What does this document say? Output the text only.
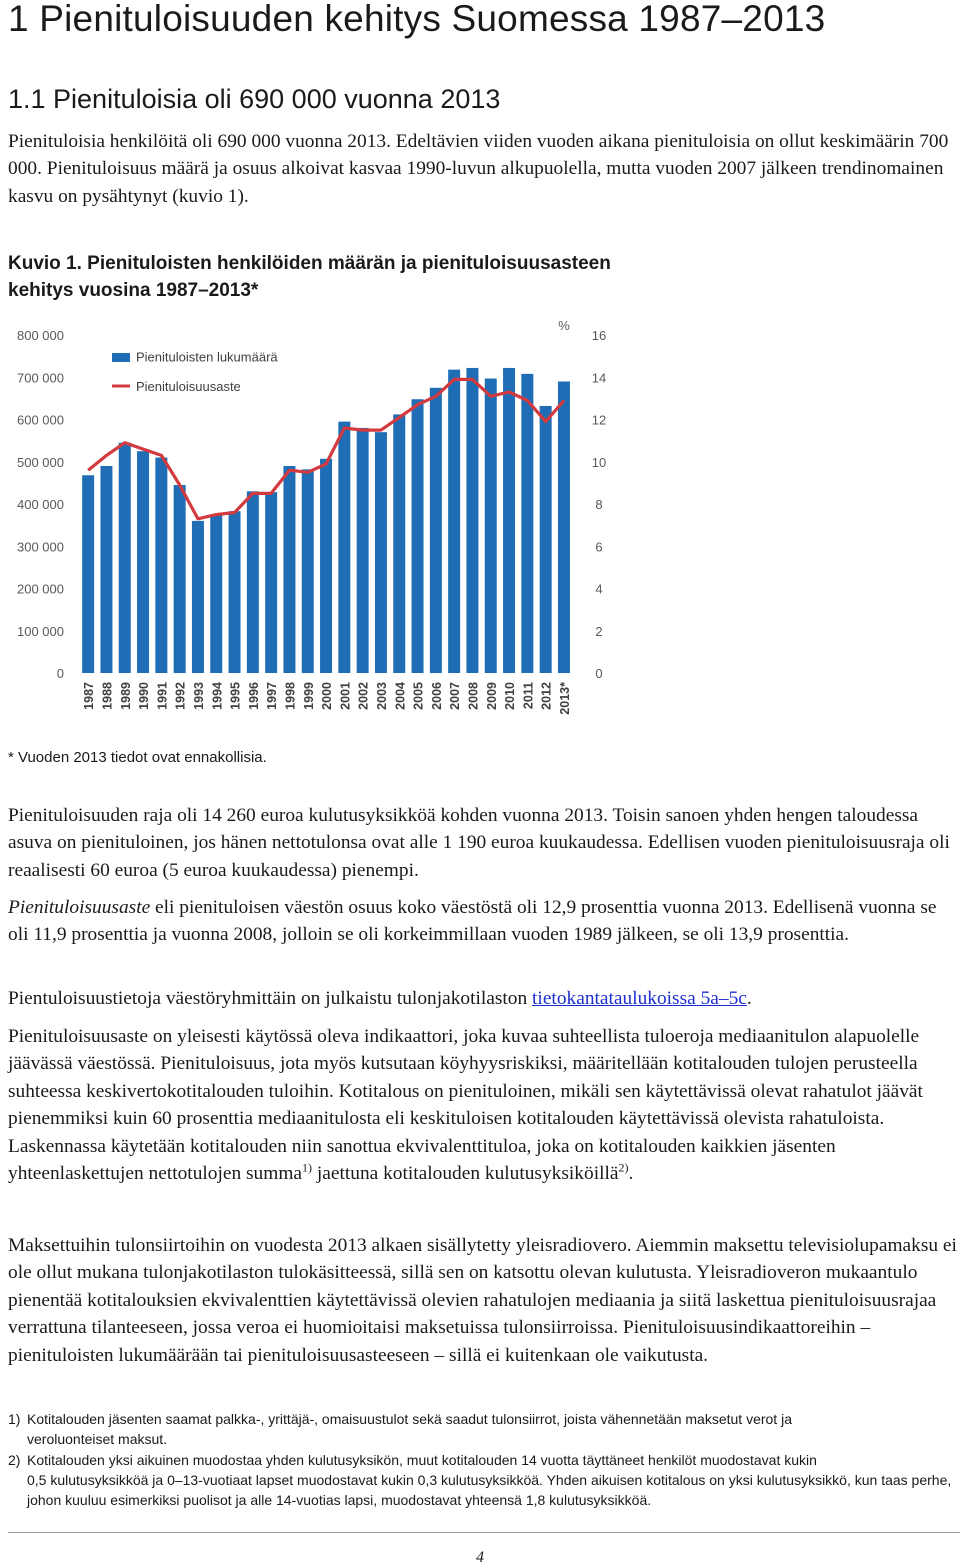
1 Pienituloisuuden kehitys Suomessa 1987–2013
1.1 Pienituloisia oli 690 000 vuonna 2013

Pienituloisia henkilöitä oli 690 000 vuonna 2013. Edeltävien viiden vuoden aikana pienituloisia on ollut keskimäärin 700 000. Pienituloisuus määrä ja osuus alkoivat kasvaa 1990-luvun alkupuolella, mutta vuoden 2007 jälkeen trendinomainen kasvu on pysähtynyt (kuvio 1).

Kuvio 1. Pienituloisten henkilöiden määrän ja pienituloisuusasteen
kehitys vuosina 1987–2013*
0
100 000
200 000
300 000
400 000
500 000
600 000
700 000
800 000
0
2
4
6
8
10
12
14
16
%
1987 1988 1989 1990 1991 1992 1993 1994 1995 1996 1997 1998 1999 2000 2001 2002 2003 2004 2005 2006 2007 2008 2009 2010 2011 2012 2013*
Pienituloisten lukumäärä
Pienituloisuusaste
* Vuoden 2013 tiedot ovat ennakollisia.

Pienituloisuuden raja oli 14 260 euroa kulutusyksikköä kohden vuonna 2013. Toisin sanoen yhden hengen taloudessa asuva on pienituloinen, jos hänen nettotulonsa ovat alle 1 190 euroa kuukaudessa. Edellisen vuoden pienituloisuusraja oli reaalisesti 60 euroa (5 euroa kuukaudessa) pienempi.

Pienituloisuusaste eli pienituloisen väestön osuus koko väestöstä oli 12,9 prosenttia vuonna 2013. Edellisenä vuonna se oli 11,9 prosenttia ja vuonna 2008, jolloin se oli korkeimmillaan vuoden 1989 jälkeen, se oli 13,9 prosenttia.

Pientuloisuustietoja väestöryhmittäin on julkaistu tulonjakotilaston tietokantataulukoissa 5a–5c.

Pienituloisuusaste on yleisesti käytössä oleva indikaattori, joka kuvaa suhteellista tuloeroja mediaanitulon alapuolelle jäävässä väestössä. Pienituloisuus, jota myös kutsutaan köyhyysriskiksi, määritellään kotitalouden tulojen perusteella suhteessa keskivertokotitalouden tuloihin. Kotitalous on pienituloinen, mikäli sen käytettävissä olevat rahatulot jäävät pienemmiksi kuin 60 prosenttia mediaanitulosta eli keskituloisen kotitalouden käytettävissä olevista rahatuloista. Laskennassa käytetään kotitalouden niin sanottua ekvivalenttituloa, joka on kotitalouden kaikkien jäsenten yhteenlaskettujen nettotulojen summa$^{1)}$ jaettuna kotitalouden kulutusyksiköillä$^{2)}$.

Maksettuihin tulonsiirtoihin on vuodesta 2013 alkaen sisällytetty yleisradiovero. Aiemmin maksettu televisiolupamaksu ei ole ollut mukana tulonjakotilaston tulokäsitteessä, sillä sen on katsottu olevan kulutusta. Yleisradioveron mukaantulo pienentää kotitalouksien ekvivalenttien käytettävissä olevien rahatulojen mediaania ja siitä laskettua pienituloisuusrajaa verrattuna tilanteeseen, jossa veroa ei huomioitaisi maksetuissa tulonsiirroissa. Pienituloisuusindikaattoreihin – pienituloisten lukumäärään tai pienituloisuusasteeseen – sillä ei kuitenkaan ole vaikutusta.

1) Kotitalouden jäsenten saamat palkka-, yrittäjä-, omaisuustulot sekä saadut tulonsiirrot, joista vähennetään maksetut verot ja
veroluonteiset maksut.
2) Kotitalouden yksi aikuinen muodostaa yhden kulutusyksikön, muut kotitalouden 14 vuotta täyttäneet henkilöt muodostavat kukin
0,5 kulutusyksikköä ja 0–13-vuotiaat lapset muodostavat kukin 0,3 kulutusyksikköä. Yhden aikuisen kotitalous on yksi kulutusyksikkö, kun taas perhe, johon kuuluu esimerkiksi puolisot ja alle 14-vuotias lapsi, muodostavat yhteensä 1,8 kulutusyksikköä.
4
